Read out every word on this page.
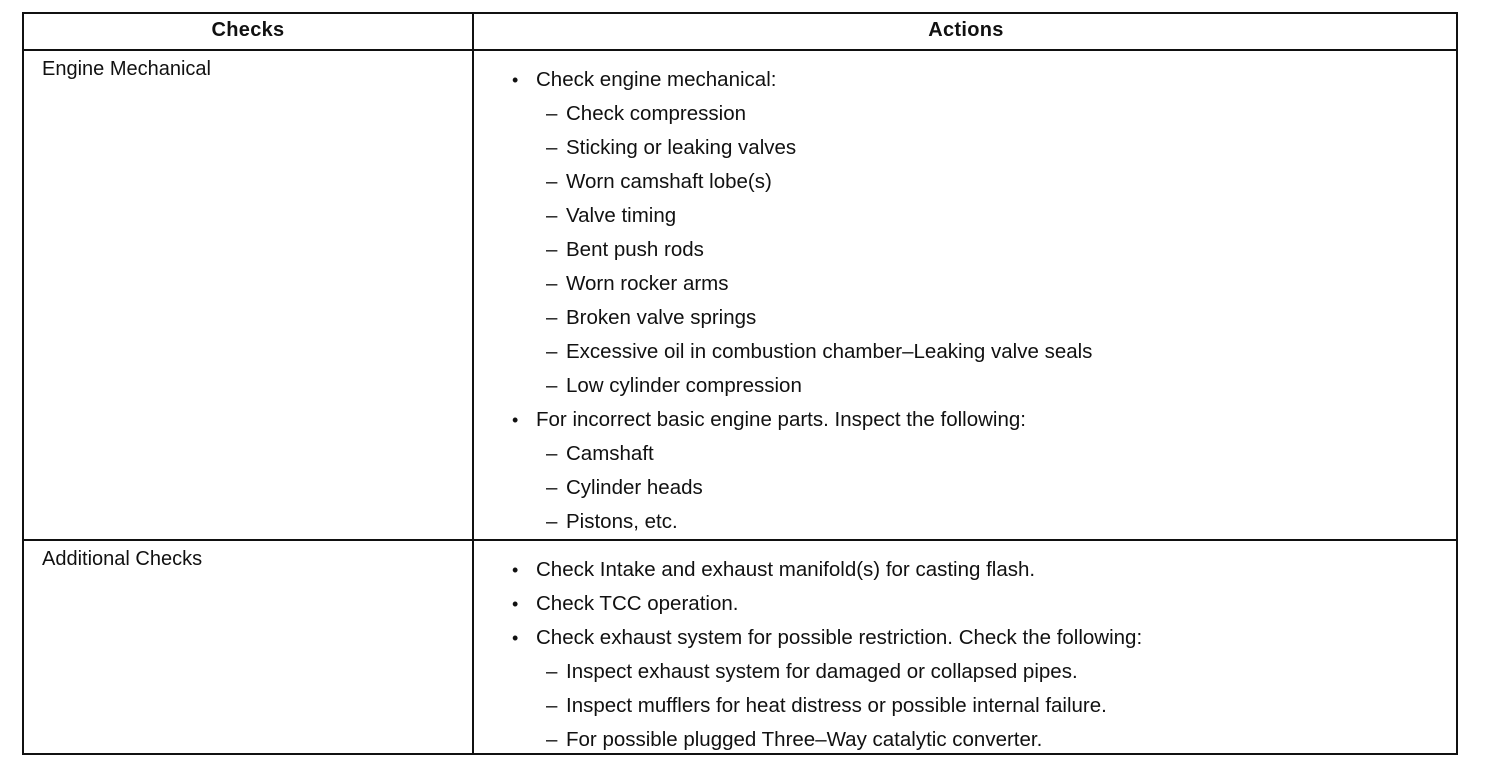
Checks	Actions
Engine Mechanical	• Check engine mechanical:
– Check compression
– Sticking or leaking valves
– Worn camshaft lobe(s)
– Valve timing
– Bent push rods
– Worn rocker arms
– Broken valve springs
– Excessive oil in combustion chamber–Leaking valve seals
– Low cylinder compression
• For incorrect basic engine parts. Inspect the following:
– Camshaft
– Cylinder heads
– Pistons, etc.
Additional Checks	• Check Intake and exhaust manifold(s) for casting flash.
• Check TCC operation.
• Check exhaust system for possible restriction. Check the following:
– Inspect exhaust system for damaged or collapsed pipes.
– Inspect mufflers for heat distress or possible internal failure.
– For possible plugged Three–Way catalytic converter.
